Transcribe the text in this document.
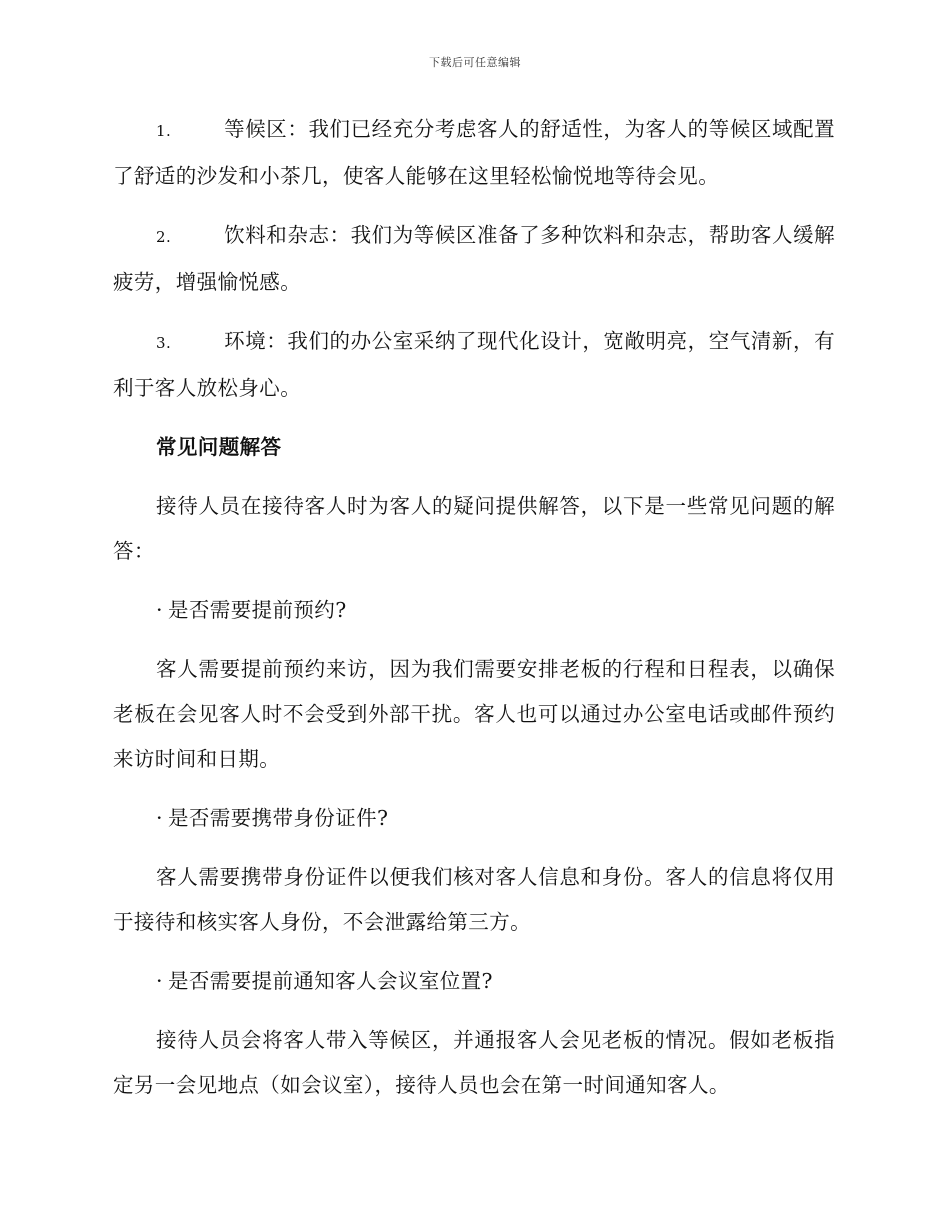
下载后可任意编辑

1.	等候区：我们已经充分考虑客人的舒适性，为客人的等候区域配置了舒适的沙发和小茶几，使客人能够在这里轻松愉悦地等待会见。

2.	饮料和杂志：我们为等候区准备了多种饮料和杂志，帮助客人缓解疲劳，增强愉悦感。

3.	环境：我们的办公室采纳了现代化设计，宽敞明亮，空气清新，有利于客人放松身心。

常见问题解答

接待人员在接待客人时为客人的疑问提供解答，以下是一些常见问题的解答：

· 是否需要提前预约?

客人需要提前预约来访，因为我们需要安排老板的行程和日程表，以确保老板在会见客人时不会受到外部干扰。客人也可以通过办公室电话或邮件预约来访时间和日期。

· 是否需要携带身份证件?

客人需要携带身份证件以便我们核对客人信息和身份。客人的信息将仅用于接待和核实客人身份，不会泄露给第三方。

· 是否需要提前通知客人会议室位置?

接待人员会将客人带入等候区，并通报客人会见老板的情况。假如老板指定另一会见地点（如会议室），接待人员也会在第一时间通知客人。
